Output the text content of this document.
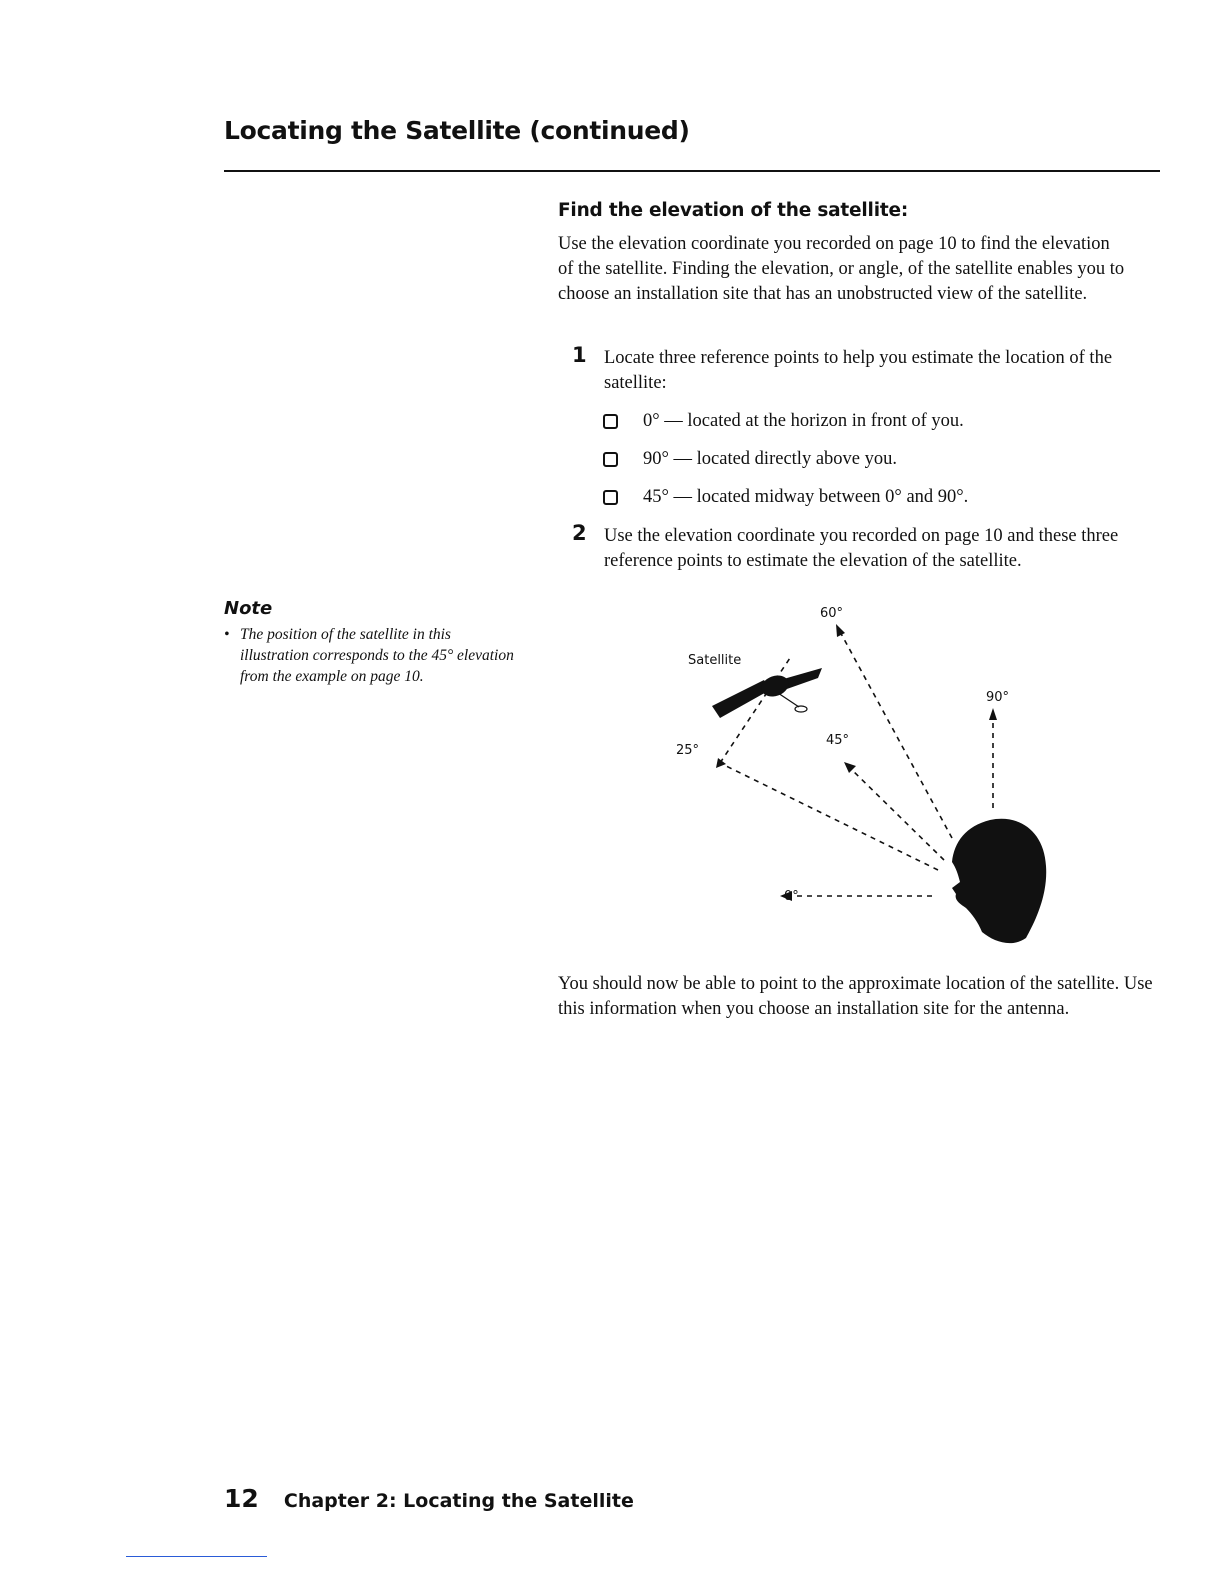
Locating the Satellite (continued)
Find the elevation of the satellite:
Use the elevation coordinate you recorded on page 10 to find the elevation of the satellite. Finding the elevation, or angle, of the satellite enables you to choose an installation site that has an unobstructed view of the satellite.
1 Locate three reference points to help you estimate the location of the satellite:
0° — located at the horizon in front of you.
90° — located directly above you.
45° — located midway between 0° and 90°.
2 Use the elevation coordinate you recorded on page 10 and these three reference points to estimate the elevation of the satellite.
Note
• The position of the satellite in this illustration corresponds to the 45° elevation from the example on page 10.
60°
Satellite
90°
45°
25°
0°
You should now be able to point to the approximate location of the satellite. Use this information when you choose an installation site for the antenna.
12 Chapter 2: Locating the Satellite
